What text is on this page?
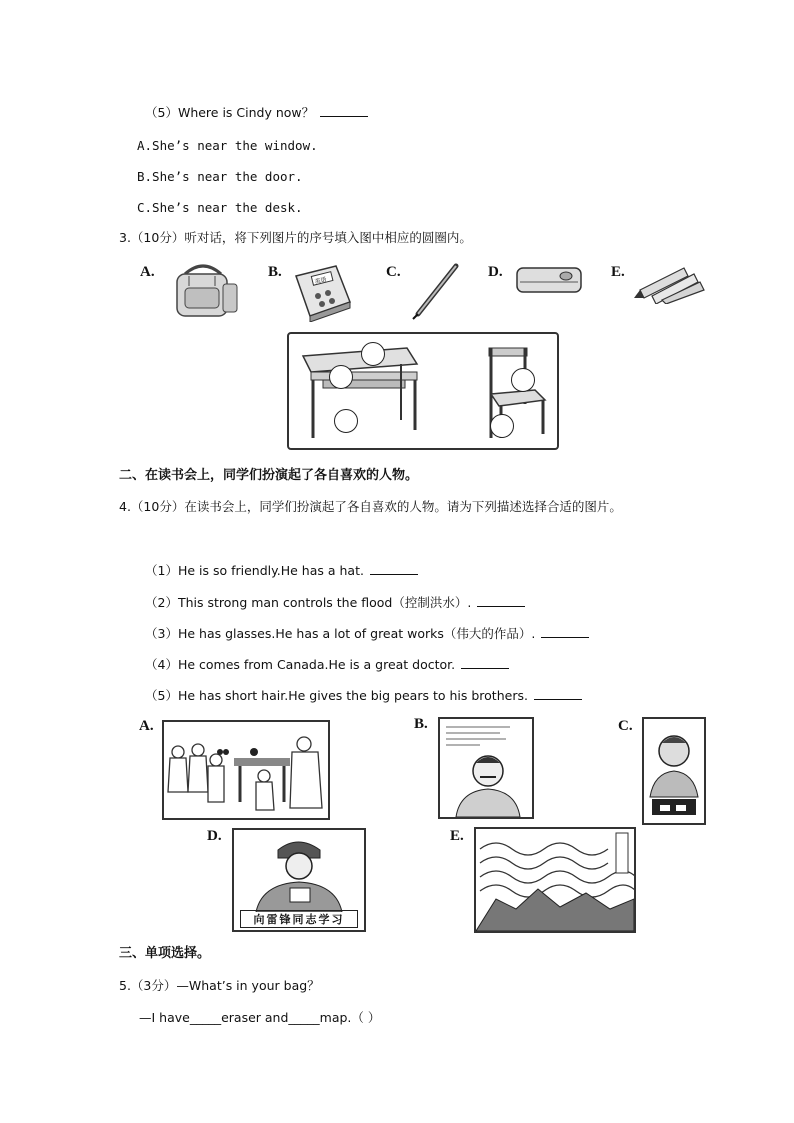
（5）Where is Cindy now？
A.She’s near the window.
B.She’s near the door.
C.She’s near the desk.
3.（10分）听对话，将下列图片的序号填入图中相应的圆圈内。
A.	B.
英语
C.	D.	E.
二、在读书会上，同学们扮演起了各自喜欢的人物。
4.（10分）在读书会上，同学们扮演起了各自喜欢的人物。请为下列描述选择合适的图片。
（1）He is so friendly.He has a hat.
（2）This strong man controls the flood（控制洪水）.
（3）He has glasses.He has a lot of great works（伟大的作品）.
（4）He comes from Canada.He is a great doctor.
（5）He has short hair.He gives the big pears to his brothers.
A.	B.	C.
D.
向雷锋同志学习
E.
三、单项选择。
5.（3分）—What’s in your bag？
—I have_____eraser and_____map.（ ）
